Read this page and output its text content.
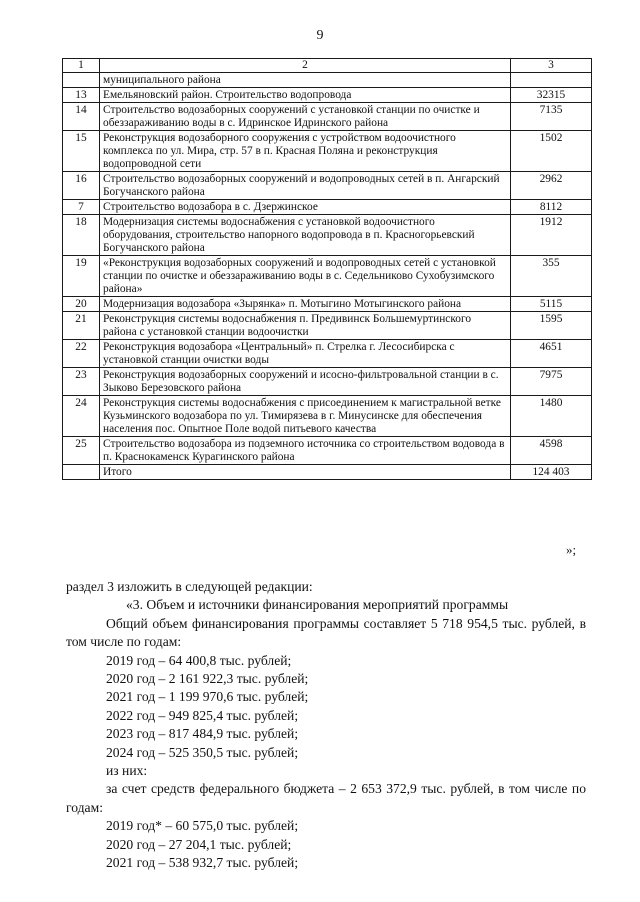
9
1	2	3
	муниципального района	
13	Емельяновский район. Строительство водопровода	32315
14	Строительство водозаборных сооружений с установкой станции по очистке и обеззараживанию воды в с. Идринское Идринского района	7135
15	Реконструкция водозаборного сооружения с устройством водоочистного комплекса по ул. Мира, стр. 57 в п. Красная Поляна и реконструкция водопроводной сети	1502
16	Строительство водозаборных сооружений и водопроводных сетей в п. Ангарский Богучанского района	2962
7	Строительство водозабора в с. Дзержинское	8112
18	Модернизация системы водоснабжения с установкой водоочистного оборудования, строительство напорного водопровода в п. Красногорьевский Богучанского района	1912
19	«Реконструкция водозаборных сооружений и водопроводных сетей с установкой станции по очистке и обеззараживанию воды в с. Седельниково Сухобузимского района»	355
20	Модернизация водозабора «Зырянка» п. Мотыгино Мотыгинского района	5115
21	Реконструкция системы водоснабжения п. Предивинск Большемуртинского района с установкой станции водоочистки	1595
22	Реконструкция водозабора «Центральный» п. Стрелка г. Лесосибирска с установкой станции очистки воды	4651
23	Реконструкция водозаборных сооружений и исосно-фильтровальной станции в с. Зыково Березовского района	7975
24	Реконструкция системы водоснабжения с присоединением к магистральной ветке Кузьминского водозабора по ул. Тимирязева в г. Минусинске для обеспечения населения пос. Опытное Поле водой питьевого качества	1480
25	Строительство водозабора из подземного источника со строительством водовода в п. Краснокаменск Курагинского района	4598
	Итого	124 403
»;

раздел 3 изложить в следующей редакции:

«3. Объем и источники финансирования мероприятий программы

Общий объем финансирования программы составляет 5 718 954,5 тыс. рублей, в том числе по годам:

2019 год – 64 400,8 тыс. рублей;

2020 год – 2 161 922,3 тыс. рублей;

2021 год – 1 199 970,6 тыс. рублей;

2022 год – 949 825,4 тыс. рублей;

2023 год – 817 484,9 тыс. рублей;

2024 год – 525 350,5 тыс. рублей;

из них:

за счет средств федерального бюджета – 2 653 372,9 тыс. рублей, в том числе по годам:

2019 год* – 60 575,0 тыс. рублей;

2020 год – 27 204,1 тыс. рублей;

2021 год – 538 932,7 тыс. рублей;
